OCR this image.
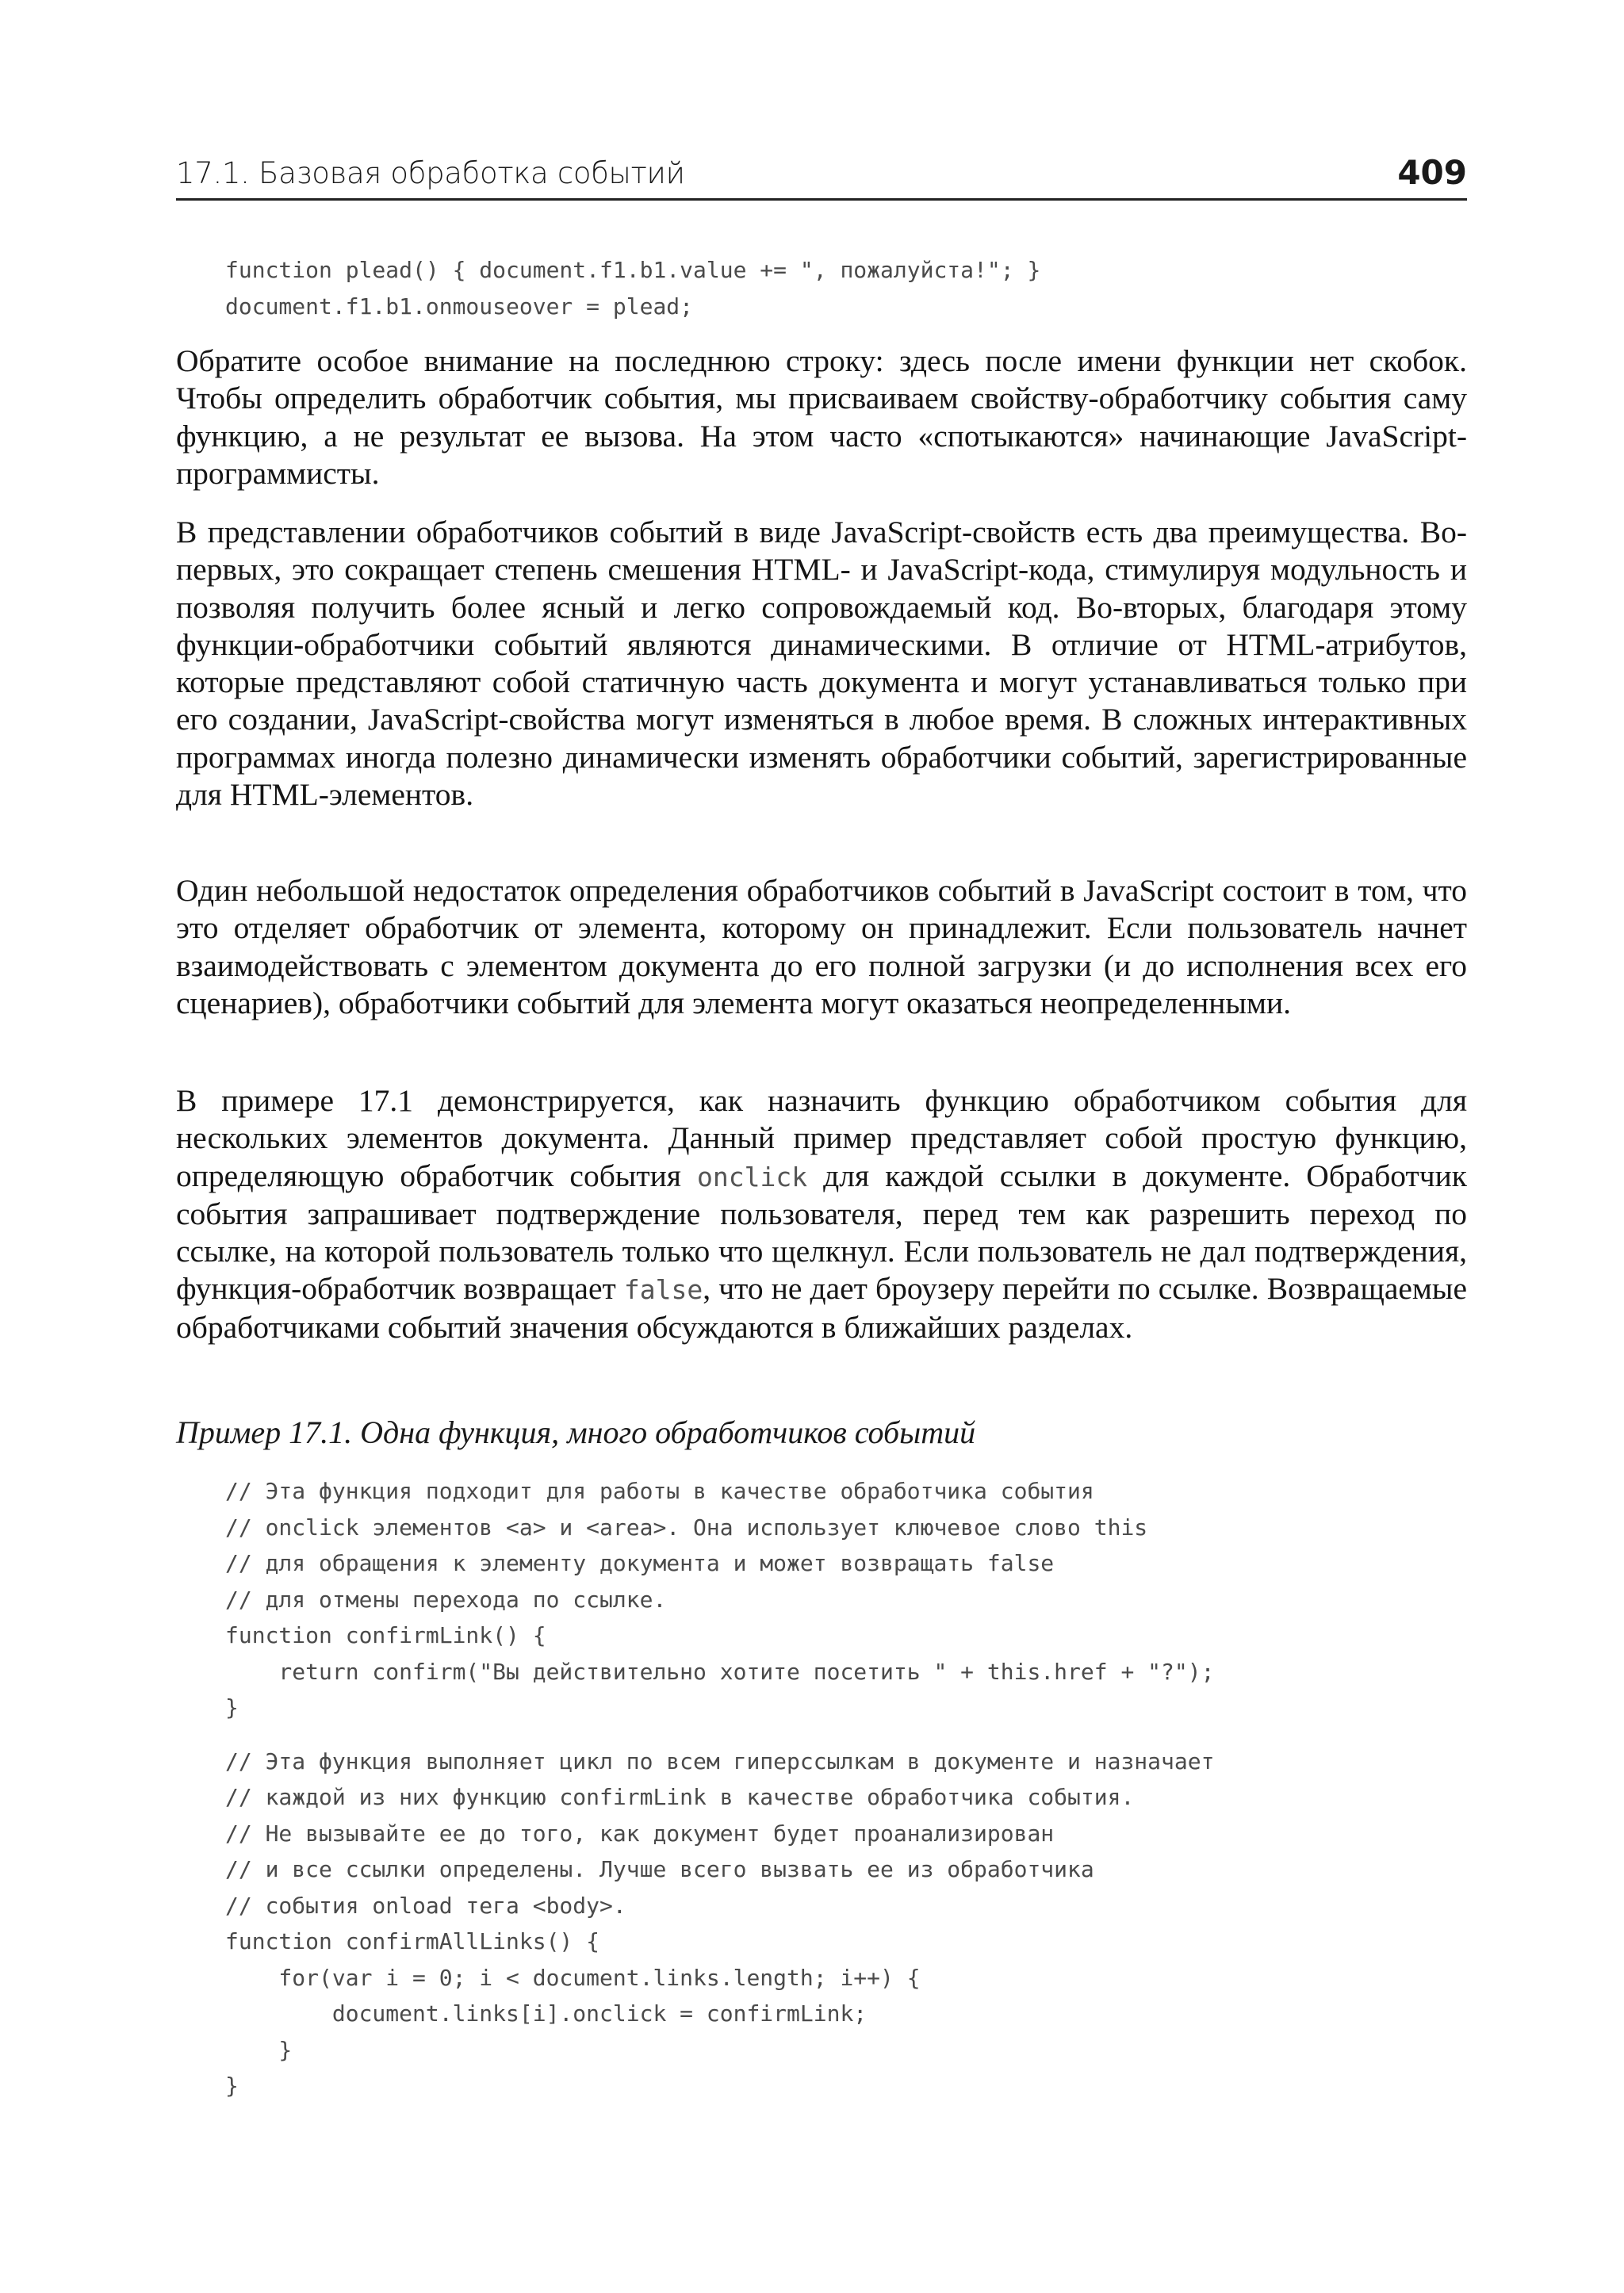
17.1. Базовая обработка событий	409
function plead() { document.f1.b1.value += ", пожалуйста!"; }
document.f1.b1.onmouseover = plead;

Обратите особое внимание на последнюю строку: здесь после имени функции нет скобок. Чтобы определить обработчик события, мы присваиваем свойству-обработчику события саму функцию, а не результат ее вызова. На этом часто «спотыкаются» начинающие JavaScript-программисты.

В представлении обработчиков событий в виде JavaScript-свойств есть два преимущества. Во-первых, это сокращает степень смешения HTML- и JavaScript-кода, стимулируя модульность и позволяя получить более ясный и легко сопровождаемый код. Во-вторых, благодаря этому функции-обработчики событий являются динамическими. В отличие от HTML-атрибутов, которые представляют собой статичную часть документа и могут устанавливаться только при его создании, JavaScript-свойства могут изменяться в любое время. В сложных интерактивных программах иногда полезно динамически изменять обработчики событий, зарегистрированные для HTML-элементов.

Один небольшой недостаток определения обработчиков событий в JavaScript состоит в том, что это отделяет обработчик от элемента, которому он принадлежит. Если пользователь начнет взаимодействовать с элементом документа до его полной загрузки (и до исполнения всех его сценариев), обработчики событий для элемента могут оказаться неопределенными.

В примере 17.1 демонстрируется, как назначить функцию обработчиком события для нескольких элементов документа. Данный пример представляет собой простую функцию, определяющую обработчик события onclick для каждой ссылки в документе. Обработчик события запрашивает подтверждение пользователя, перед тем как разрешить переход по ссылке, на которой пользователь только что щелкнул. Если пользователь не дал подтверждения, функция-обработчик возвращает false, что не дает броузеру перейти по ссылке. Возвращаемые обработчиками событий значения обсуждаются в ближайших разделах.

Пример 17.1. Одна функция, много обработчиков событий

// Эта функция подходит для работы в качестве обработчика события
// onclick элементов <a> и <area>. Она использует ключевое слово this
// для обращения к элементу документа и может возвращать false
// для отмены перехода по ссылке.
function confirmLink() {
return confirm("Вы действительно хотите посетить " + this.href + "?");
}
// Эта функция выполняет цикл по всем гиперссылкам в документе и назначает
// каждой из них функцию confirmLink в качестве обработчика события.
// Не вызывайте ее до того, как документ будет проанализирован
// и все ссылки определены. Лучше всего вызвать ее из обработчика
// события onload тега <body>.
function confirmAllLinks() {
for(var i = 0; i < document.links.length; i++) {
document.links[i].onclick = confirmLink;
}
}
